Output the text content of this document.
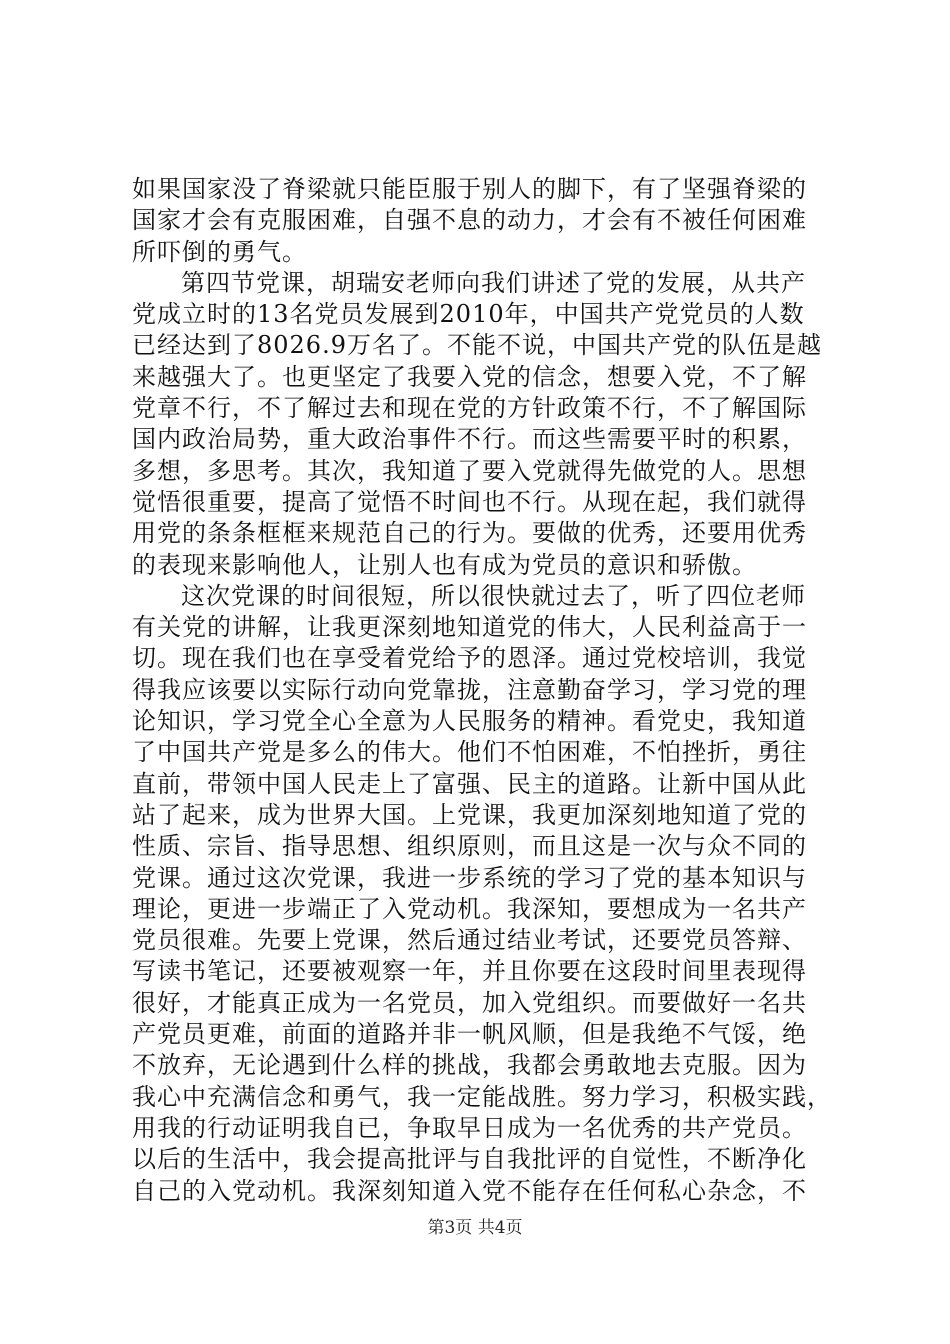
如果国家没了脊梁就只能臣服于别人的脚下，有了坚强脊梁的
国家才会有克服困难，自强不息的动力，才会有不被任何困难
所吓倒的勇气。
第四节党课，胡瑞安老师向我们讲述了党的发展，从共产
党成立时的13名党员发展到2010年，中国共产党党员的人数
已经达到了8026.9万名了。不能不说，中国共产党的队伍是越
来越强大了。也更坚定了我要入党的信念，想要入党，不了解
党章不行，不了解过去和现在党的方针政策不行，不了解国际
国内政治局势，重大政治事件不行。而这些需要平时的积累，
多想，多思考。其次，我知道了要入党就得先做党的人。思想
觉悟很重要，提高了觉悟不时间也不行。从现在起，我们就得
用党的条条框框来规范自己的行为。要做的优秀，还要用优秀
的表现来影响他人，让别人也有成为党员的意识和骄傲。
这次党课的时间很短，所以很快就过去了，听了四位老师
有关党的讲解，让我更深刻地知道党的伟大，人民利益高于一
切。现在我们也在享受着党给予的恩泽。通过党校培训，我觉
得我应该要以实际行动向党靠拢，注意勤奋学习，学习党的理
论知识，学习党全心全意为人民服务的精神。看党史，我知道
了中国共产党是多么的伟大。他们不怕困难，不怕挫折，勇往
直前，带领中国人民走上了富强、民主的道路。让新中国从此
站了起来，成为世界大国。上党课，我更加深刻地知道了党的
性质、宗旨、指导思想、组织原则，而且这是一次与众不同的
党课。通过这次党课，我进一步系统的学习了党的基本知识与
理论，更进一步端正了入党动机。我深知，要想成为一名共产
党员很难。先要上党课，然后通过结业考试，还要党员答辩、
写读书笔记，还要被观察一年，并且你要在这段时间里表现得
很好，才能真正成为一名党员，加入党组织。而要做好一名共
产党员更难，前面的道路并非一帆风顺，但是我绝不气馁，绝
不放弃，无论遇到什么样的挑战，我都会勇敢地去克服。因为
我心中充满信念和勇气，我一定能战胜。努力学习，积极实践，
用我的行动证明我自已，争取早日成为一名优秀的共产党员。
以后的生活中，我会提高批评与自我批评的自觉性，不断净化
自己的入党动机。我深刻知道入党不能存在任何私心杂念，不
第3页 共4页
